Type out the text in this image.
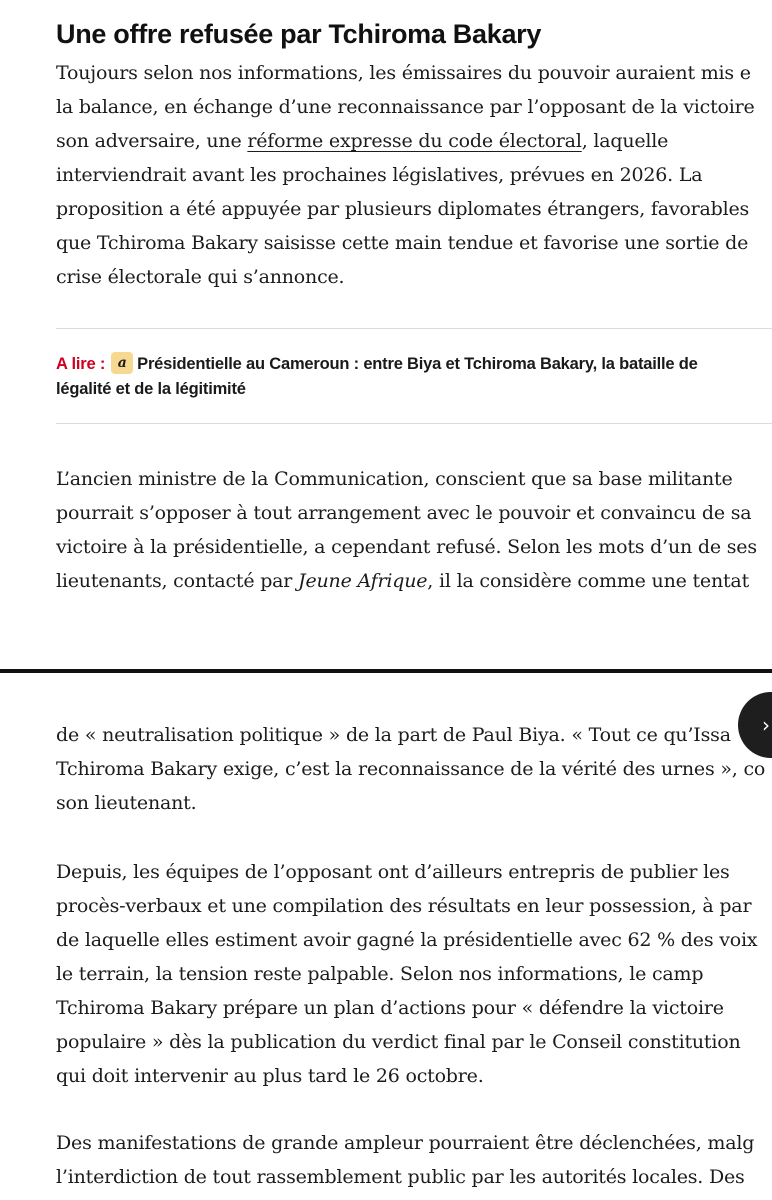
Une offre refusée par Tchiroma Bakary
Toujours selon nos informations, les émissaires du pouvoir auraient mis e
la balance, en échange d’une reconnaissance par l’opposant de la victoire
son adversaire, une réforme expresse du code électoral, laquelle
interviendrait avant les prochaines législatives, prévues en 2026. La
proposition a été appuyée par plusieurs diplomates étrangers, favorables
que Tchiroma Bakary saisisse cette main tendue et favorise une sortie de
crise électorale qui s’annonce.
A lire : a Présidentielle au Cameroun : entre Biya et Tchiroma Bakary, la bataille de
légalité et de la légitimité
L’ancien ministre de la Communication, conscient que sa base militante
pourrait s’opposer à tout arrangement avec le pouvoir et convaincu de sa
victoire à la présidentielle, a cependant refusé. Selon les mots d’un de ses
lieutenants, contacté par Jeune Afrique, il la considère comme une tentat
de « neutralisation politique » de la part de Paul Biya. « Tout ce qu’Issa
Tchiroma Bakary exige, c’est la reconnaissance de la vérité des urnes », co
son lieutenant.
Depuis, les équipes de l’opposant ont d’ailleurs entrepris de publier les
procès-verbaux et une compilation des résultats en leur possession, à par
de laquelle elles estiment avoir gagné la présidentielle avec 62 % des voix
le terrain, la tension reste palpable. Selon nos informations, le camp
Tchiroma Bakary prépare un plan d’actions pour « défendre la victoire
populaire » dès la publication du verdict final par le Conseil constitution
qui doit intervenir au plus tard le 26 octobre.
Des manifestations de grande ampleur pourraient être déclenchées, malg
l’interdiction de tout rassemblement public par les autorités locales. Des
›
